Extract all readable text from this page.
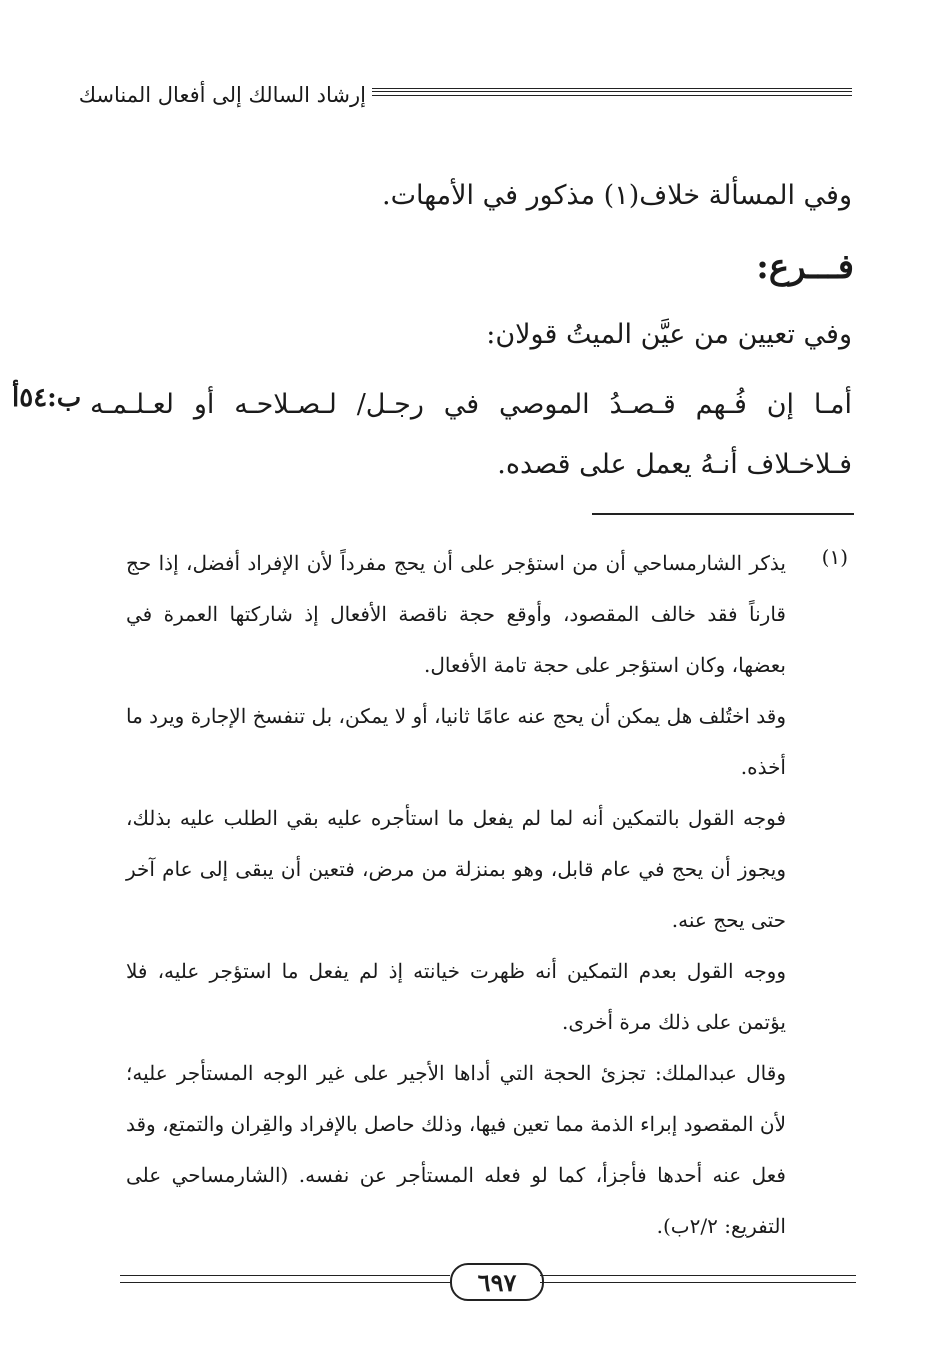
إرشاد السالك إلى أفعال المناسك
وفي المسألة خلاف(١) مذكور في الأمهات.
فـــرع:
وفي تعيين من عيَّن الميتُ قولان:
أمـا إن فُـهم قـصـدُ الموصي في رجـل/ لـصـلاحـه أو لعـلـمـه فـلاخـلاف أنـهُ يعمل على قصده.
ب:٥٤أ
(١)

يذكر الشارمساحي أن من استؤجر على أن يحج مفرداً لأن الإفراد أفضل، إذا حج قارناً فقد خالف المقصود، وأوقع حجة ناقصة الأفعال إذ شاركتها العمرة في بعضها، وكان استؤجر على حجة تامة الأفعال.

وقد اختُلف هل يمكن أن يحج عنه عامًا ثانيا، أو لا يمكن، بل تنفسخ الإجارة ويرد ما أخذه.

فوجه القول بالتمكين أنه لما لم يفعل ما استأجره عليه بقي الطلب عليه بذلك، ويجوز أن يحج في عام قابل، وهو بمنزلة من مرض، فتعين أن يبقى إلى عام آخر حتى يحج عنه.

ووجه القول بعدم التمكين أنه ظهرت خيانته إذ لم يفعل ما استؤجر عليه، فلا يؤتمن على ذلك مرة أخرى.

وقال عبدالملك: تجزئ الحجة التي أداها الأجير على غير الوجه المستأجر عليه؛ لأن المقصود إبراء الذمة مما تعين فيها، وذلك حاصل بالإفراد والقِران والتمتع، وقد فعل عنه أحدها فأجزأ، كما لو فعله المستأجر عن نفسه. (الشارمساحي على التفريع: ٢/٢ب).

٦٩٧
